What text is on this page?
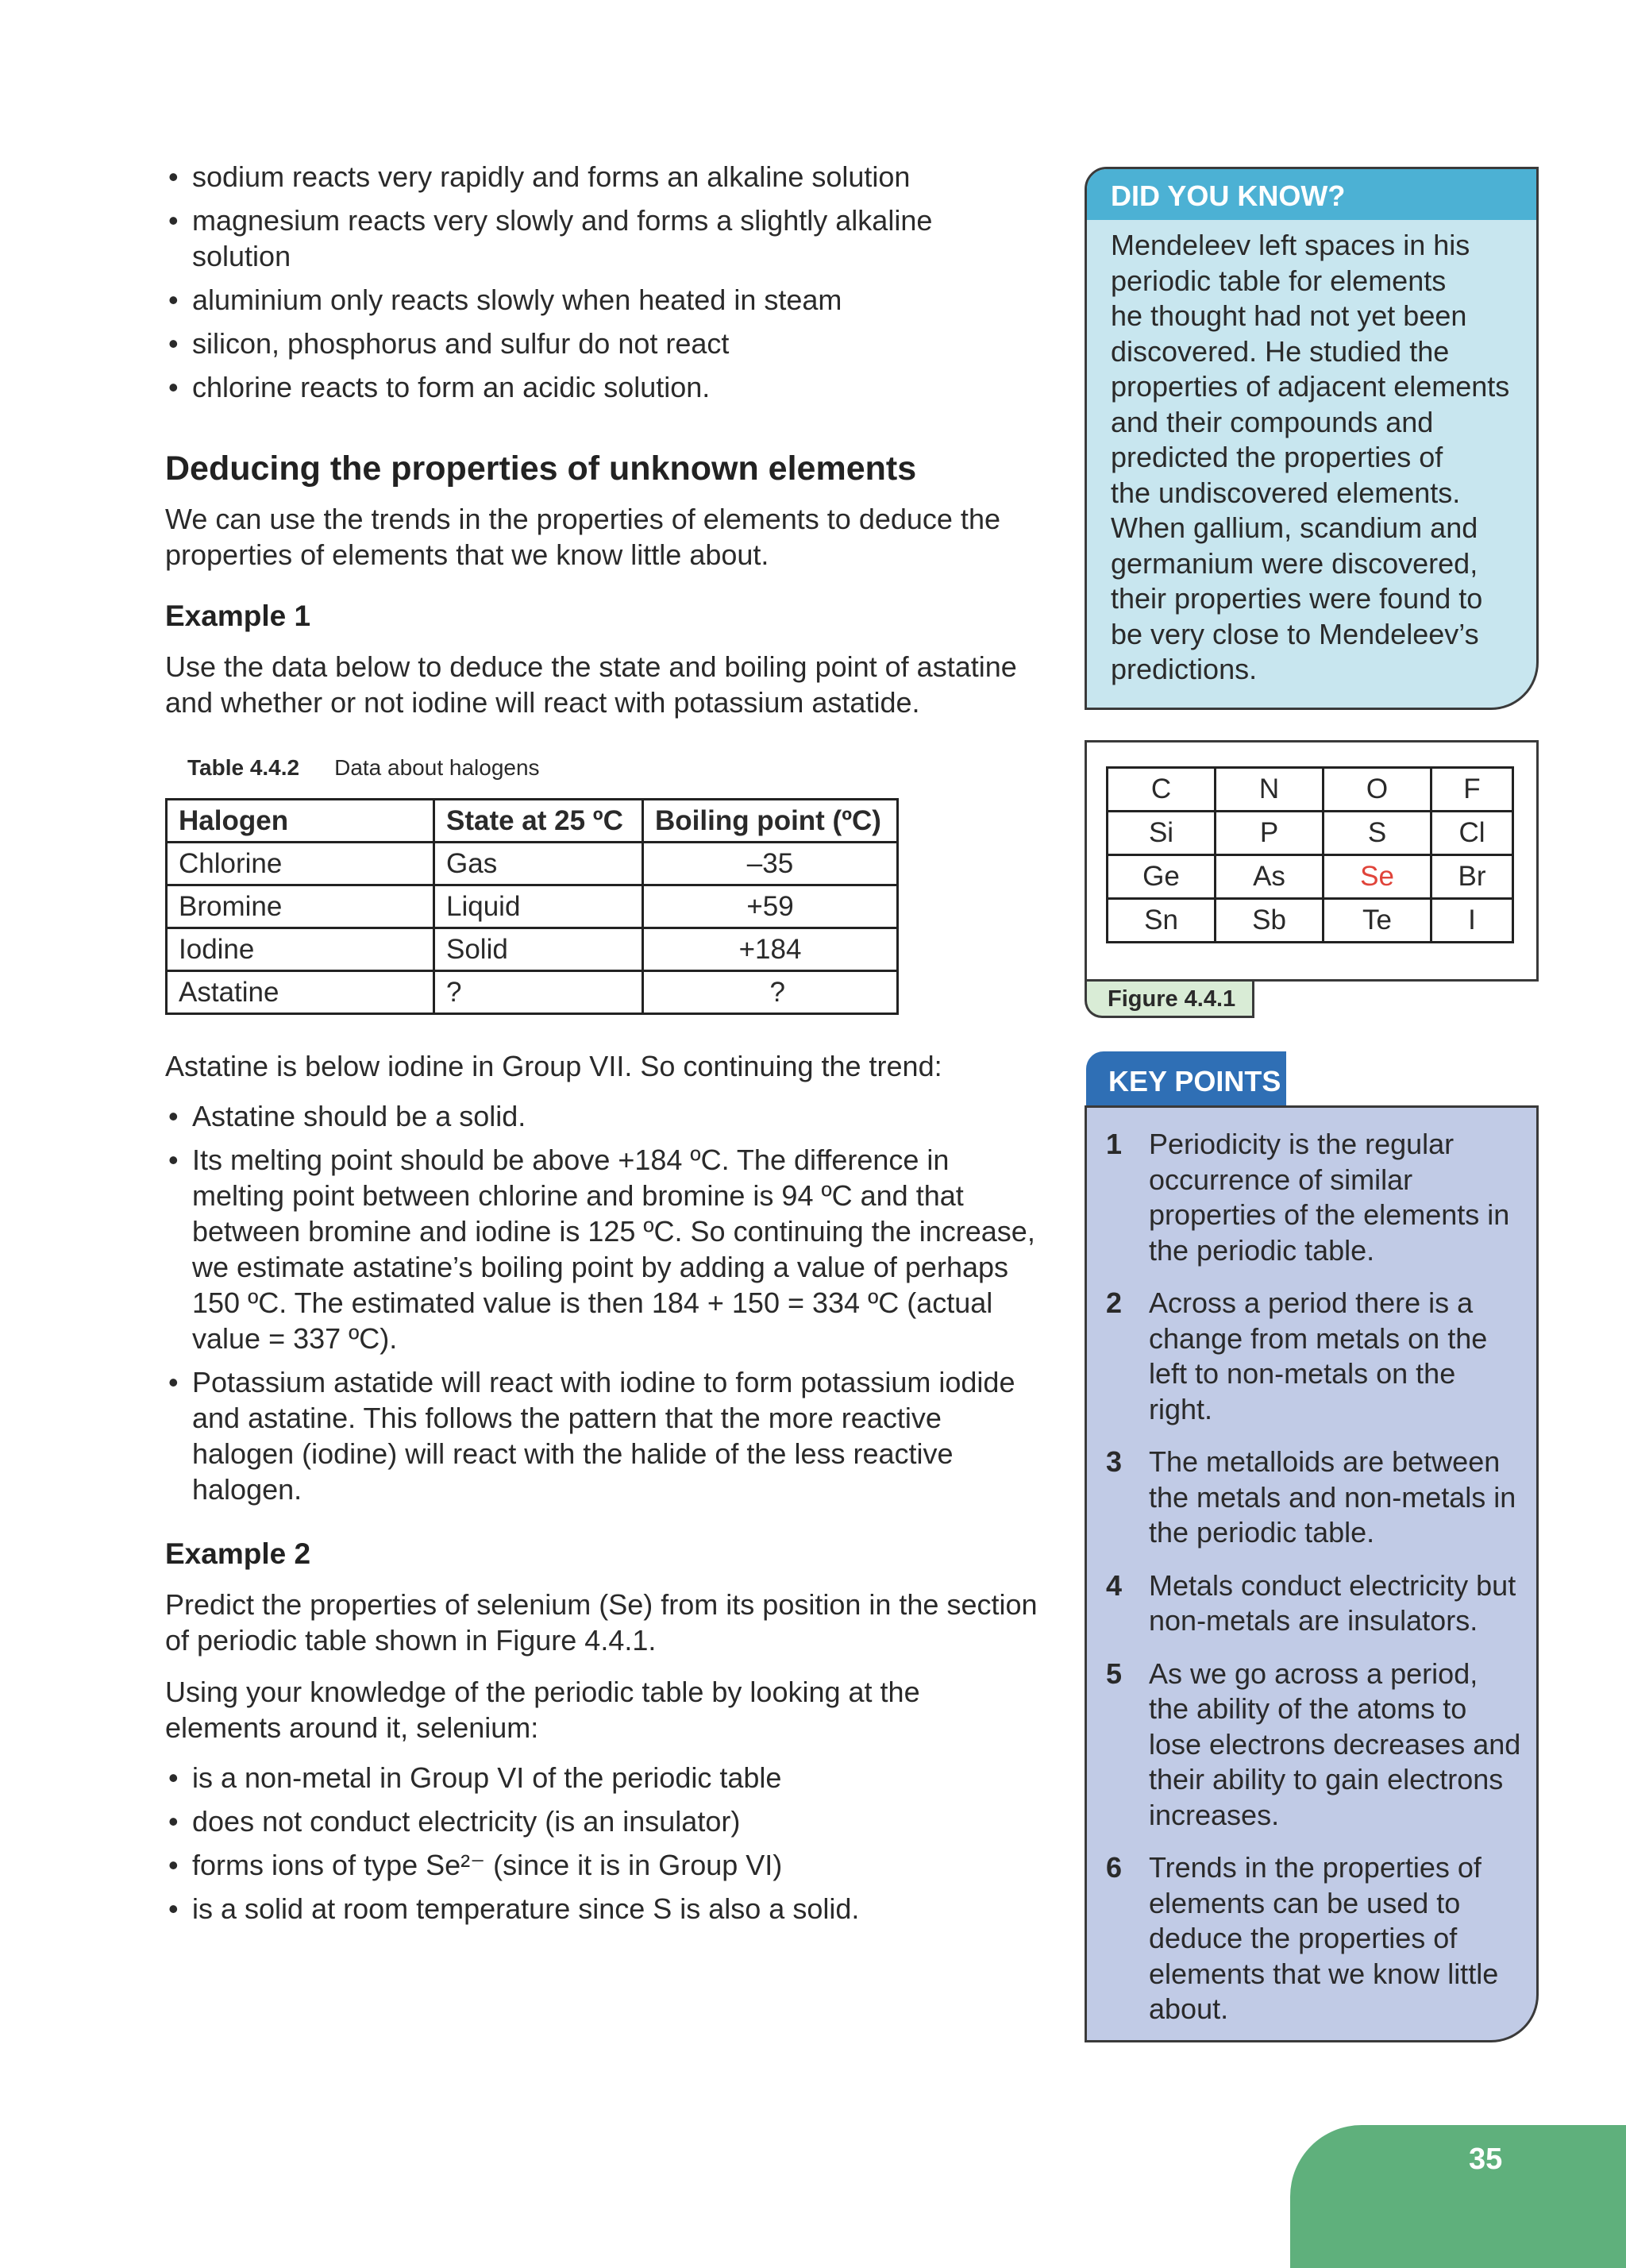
• sodium reacts very rapidly and forms an alkaline solution
• magnesium reacts very slowly and forms a slightly alkaline solution
• aluminium only reacts slowly when heated in steam
• silicon, phosphorus and sulfur do not react
• chlorine reacts to form an acidic solution.
Deducing the properties of unknown elements

We can use the trends in the properties of elements to deduce the properties of elements that we know little about.

Example 1

Use the data below to deduce the state and boiling point of astatine and whether or not iodine will react with potassium astatide.

Table 4.4.2 Data about halogens
Halogen	State at 25 ºC	Boiling point (ºC)
Chlorine	Gas	–35
Bromine	Liquid	+59
Iodine	Solid	+184
Astatine	?	?

Astatine is below iodine in Group VII. So continuing the trend:

• Astatine should be a solid.
• Its melting point should be above +184 ºC. The difference in melting point between chlorine and bromine is 94 ºC and that between bromine and iodine is 125 ºC. So continuing the increase, we estimate astatine’s boiling point by adding a value of perhaps 150 ºC. The estimated value is then 184 + 150 = 334 ºC (actual value = 337 ºC).
• Potassium astatide will react with iodine to form potassium iodide and astatine. This follows the pattern that the more reactive halogen (iodine) will react with the halide of the less reactive halogen.
Example 2

Predict the properties of selenium (Se) from its position in the section of periodic table shown in Figure 4.4.1.

Using your knowledge of the periodic table by looking at the elements around it, selenium:

• is a non-metal in Group VI of the periodic table
• does not conduct electricity (is an insulator)
• forms ions of type Se²⁻ (since it is in Group VI)
• is a solid at room temperature since S is also a solid.
DID YOU KNOW?
Mendeleev left spaces in his
periodic table for elements
he thought had not yet been
discovered. He studied the
properties of adjacent elements
and their compounds and
predicted the properties of
the undiscovered elements.
When gallium, scandium and
germanium were discovered,
their properties were found to
be very close to Mendeleev’s
predictions.
C	N	O	F
Si	P	S	Cl
Ge	As	Se	Br
Sn	Sb	Te	I
Figure 4.4.1
KEY POINTS
1 Periodicity is the regular occurrence of similar properties of the elements in the periodic table.
2 Across a period there is a change from metals on the left to non-metals on the right.
3 The metalloids are between the metals and non-metals in the periodic table.
4 Metals conduct electricity but non-metals are insulators.
5 As we go across a period, the ability of the atoms to lose electrons decreases and their ability to gain electrons increases.
6 Trends in the properties of elements can be used to deduce the properties of elements that we know little about.
35
